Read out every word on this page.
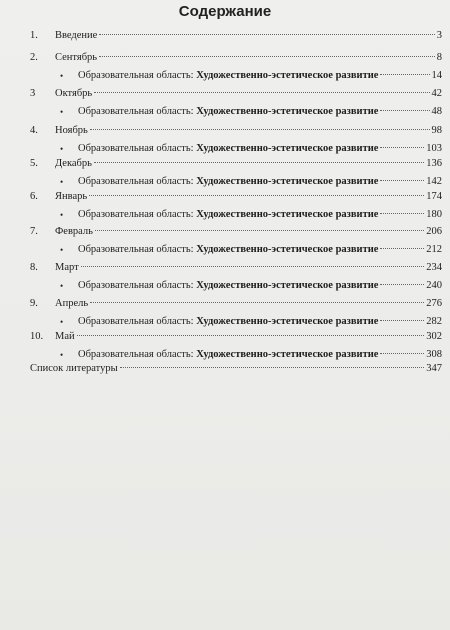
Содержание
1. Введение	3
2. Сентябрь	8
• Образовательная область: Художественно-эстетическое развитие	14
3 Октябрь	42
• Образовательная область: Художественно-эстетическое развитие	48
4. Ноябрь	98
• Образовательная область: Художественно-эстетическое развитие	103
5. Декабрь	136
• Образовательная область: Художественно-эстетическое развитие	142
6. Январь	174
• Образовательная область: Художественно-эстетическое развитие	180
7. Февраль	206
• Образовательная область: Художественно-эстетическое развитие	212
8. Март	234
• Образовательная область: Художественно-эстетическое развитие	240
9. Апрель	276
• Образовательная область: Художественно-эстетическое развитие	282
10. Май	302
• Образовательная область: Художественно-эстетическое развитие	308
Список литературы	347
